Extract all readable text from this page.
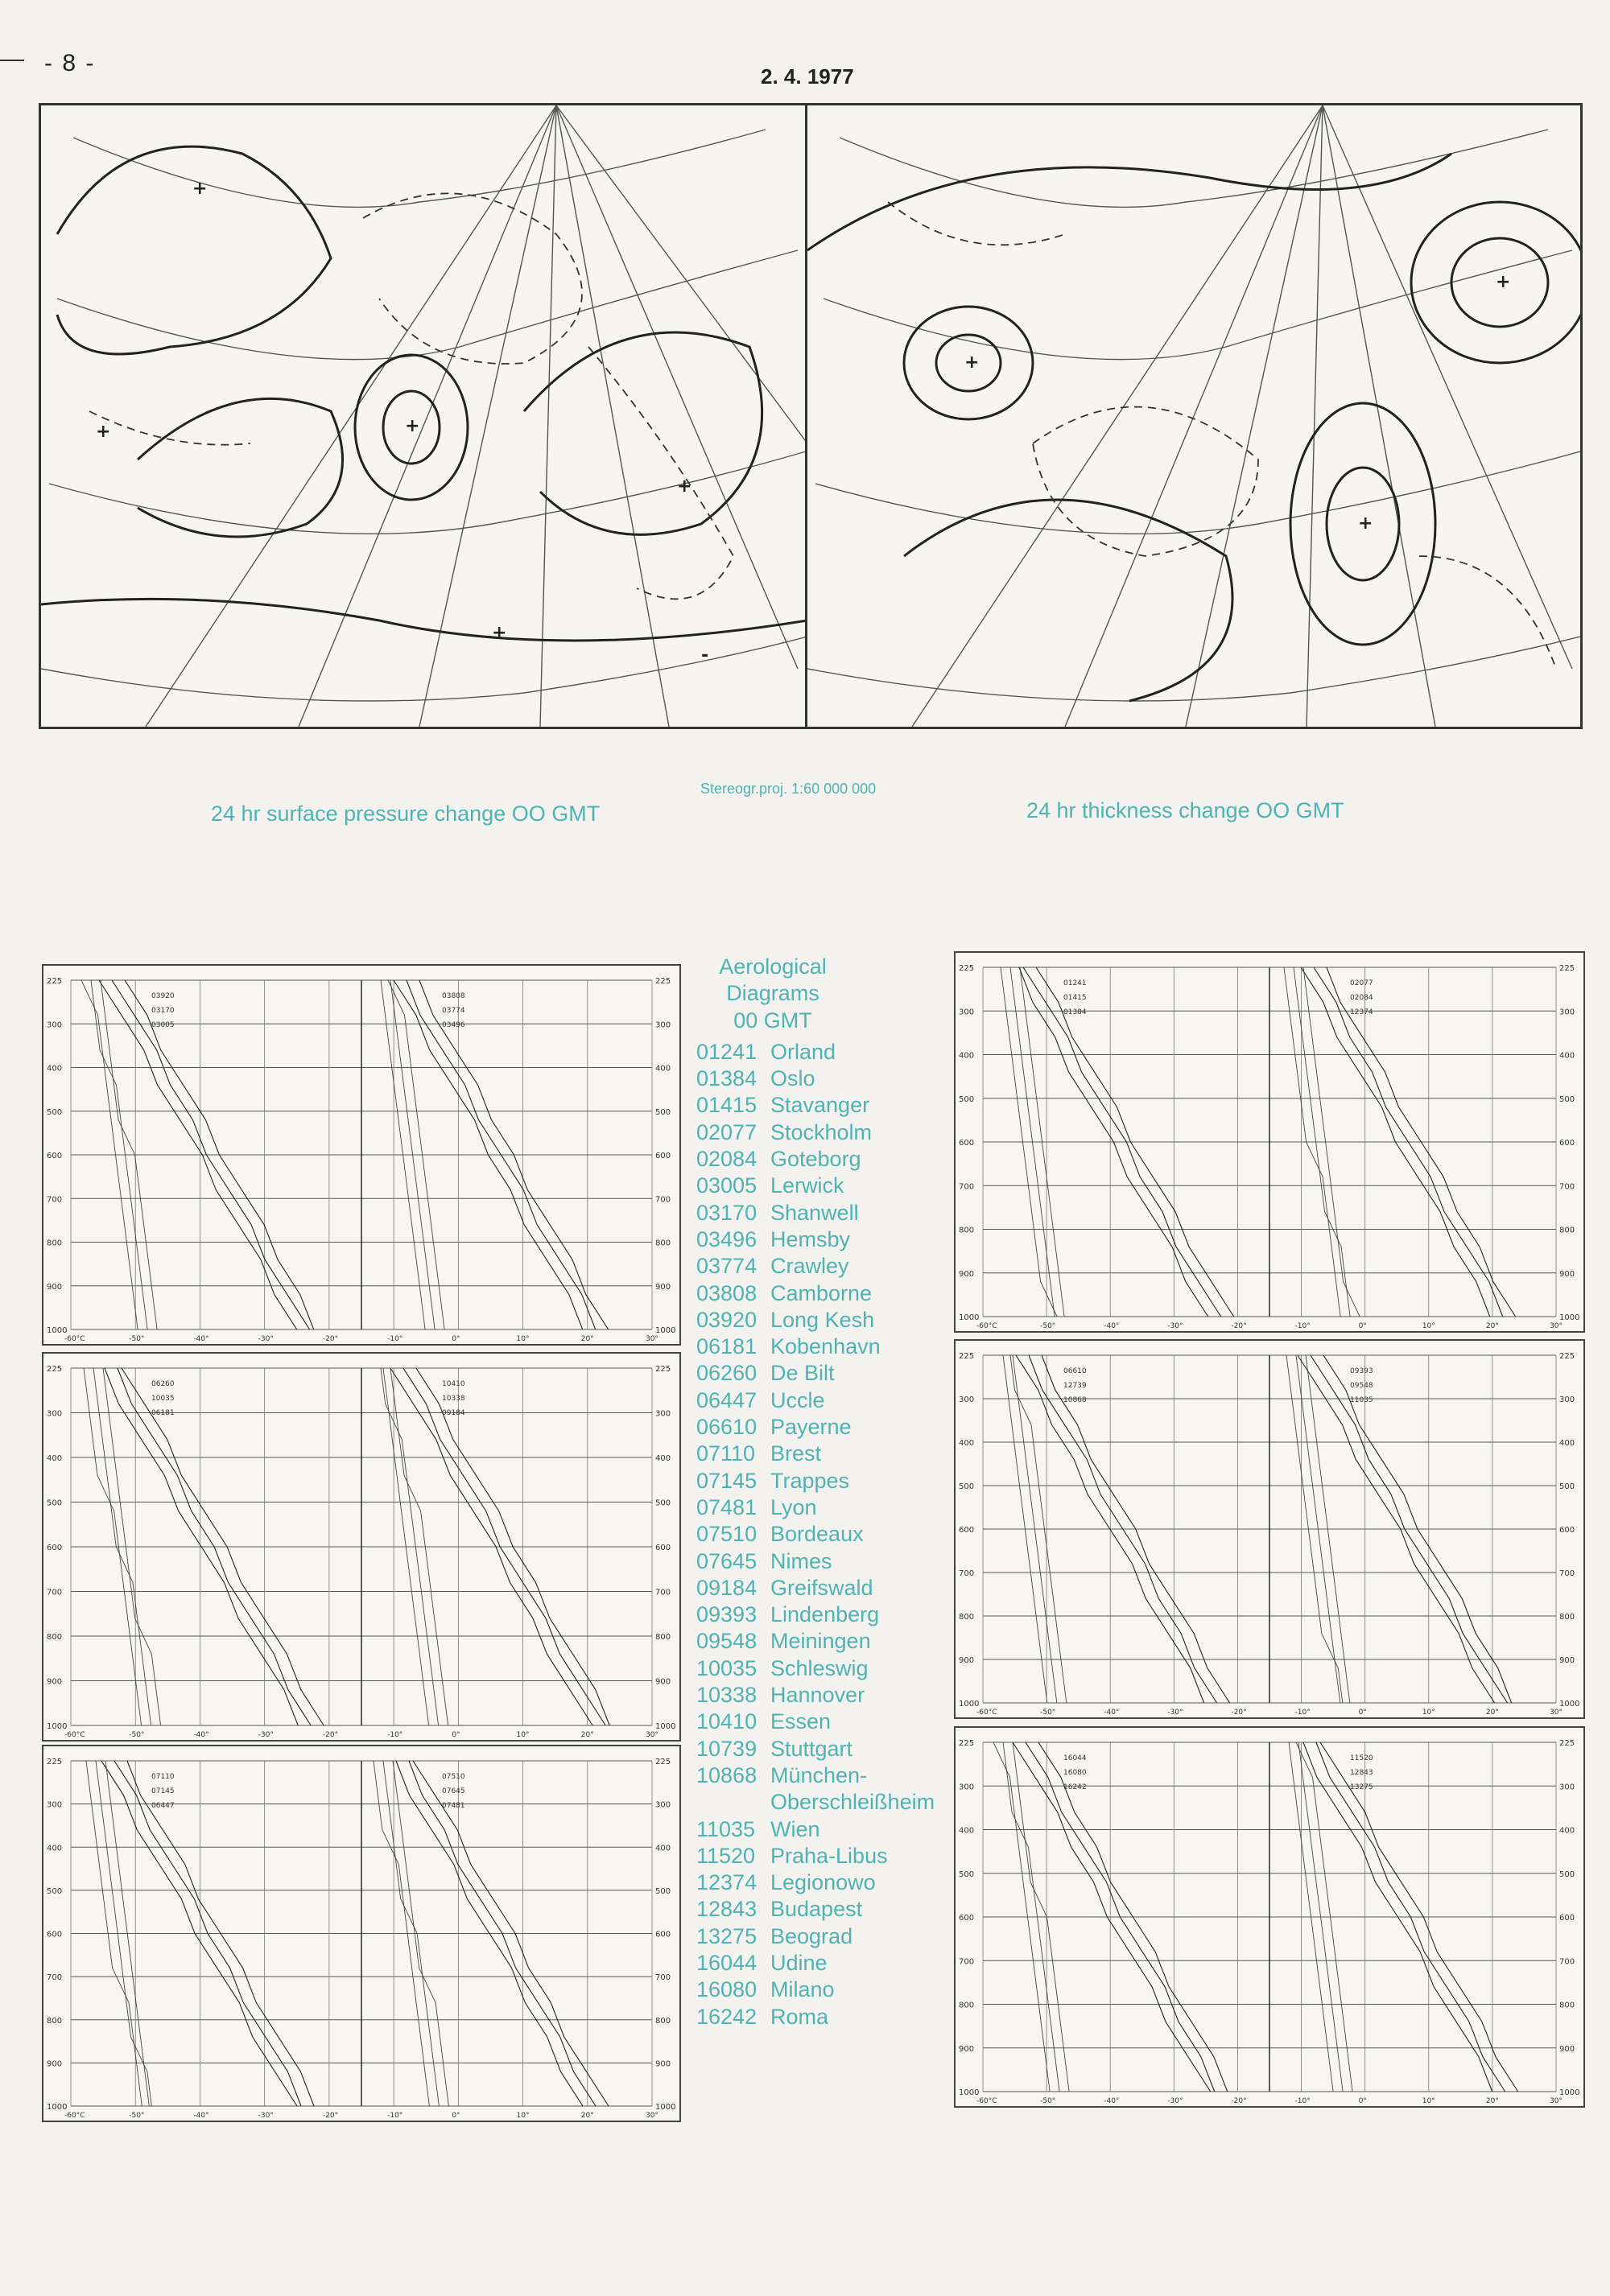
- 8 -	2. 4. 1977
+
+
+
+
+
-
+
+
+
24 hr surface pressure change OO GMT
Stereogr.proj. 1:60 000 000
24 hr thickness change OO GMT
225	225
300	300
400	400
500	500
600	600
700	700
800	800
900	900
1000	1000
-60°C	-50°	-40°	-30°	-20°	-10°	0°	10°	20°	30°
03920
03170
03005
03808
03774
03496
225	225
300	300
400	400
500	500
600	600
700	700
800	800
900	900
1000	1000
-60°C	-50°	-40°	-30°	-20°	-10°	0°	10°	20°	30°
06260
10035
06181
10410
10338
09184
225	225
300	300
400	400
500	500
600	600
700	700
800	800
900	900
1000	1000
-60°C	-50°	-40°	-30°	-20°	-10°	0°	10°	20°	30°
07110
07145
06447
07510
07645
07481
225	225
300	300
400	400
500	500
600	600
700	700
800	800
900	900
1000	1000
-60°C	-50°	-40°	-30°	-20°	-10°	0°	10°	20°	30°
01241
01415
01384
02077
02084
12374
225	225
300	300
400	400
500	500
600	600
700	700
800	800
900	900
1000	1000
-60°C	-50°	-40°	-30°	-20°	-10°	0°	10°	20°	30°
06610
12739
10868
09393
09548
11035
225	225
300	300
400	400
500	500
600	600
700	700
800	800
900	900
1000	1000
-60°C	-50°	-40°	-30°	-20°	-10°	0°	10°	20°	30°
16044
16080
16242
11520
12843
13275
Aerological
Diagrams
00 GMT
01241 Orland
01384 Oslo
01415 Stavanger
02077 Stockholm
02084 Goteborg
03005 Lerwick
03170 Shanwell
03496 Hemsby
03774 Crawley
03808 Camborne
03920 Long Kesh
06181 Kobenhavn
06260 De Bilt
06447 Uccle
06610 Payerne
07110 Brest
07145 Trappes
07481 Lyon
07510 Bordeaux
07645 Nimes
09184 Greifswald
09393 Lindenberg
09548 Meiningen
10035 Schleswig
10338 Hannover
10410 Essen
10739 Stuttgart
10868 München-
Oberschleißheim
11035 Wien
11520 Praha-Libus
12374 Legionowo
12843 Budapest
13275 Beograd
16044 Udine
16080 Milano
16242 Roma
